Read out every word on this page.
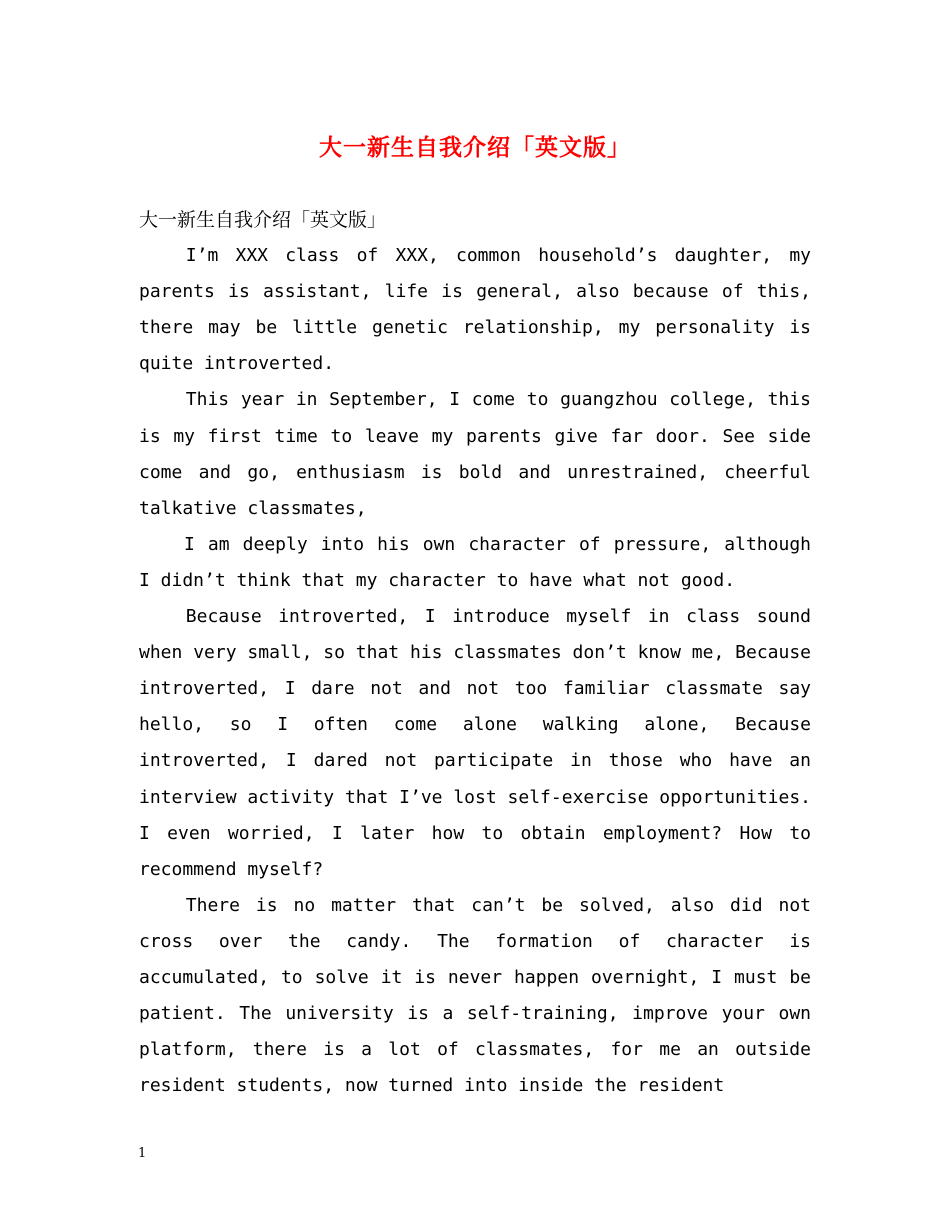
大一新生自我介绍「英文版」

大一新生自我介绍「英文版」

I’m XXX class of XXX, common household’s daughter, my parents is assistant, life is general, also because of this, there may be little genetic relationship, my personality is quite introverted.

This year in September, I come to guangzhou college, this is my first time to leave my parents give far door. See side come and go, enthusiasm is bold and unrestrained, cheerful talkative classmates,

I am deeply into his own character of pressure, although I didn’t think that my character to have what not good.

Because introverted, I introduce myself in class sound when very small, so that his classmates don’t know me, Because introverted, I dare not and not too familiar classmate say hello, so I often come alone walking alone, Because introverted, I dared not participate in those who have an interview activity that I’ve lost self-exercise opportunities. I even worried, I later how to obtain employment? How to recommend myself?

There is no matter that can’t be solved, also did not cross over the candy. The formation of character is accumulated, to solve it is never happen overnight, I must be patient. The university is a self-training, improve your own platform, there is a lot of classmates, for me an outside resident students, now turned into inside the resident

1
